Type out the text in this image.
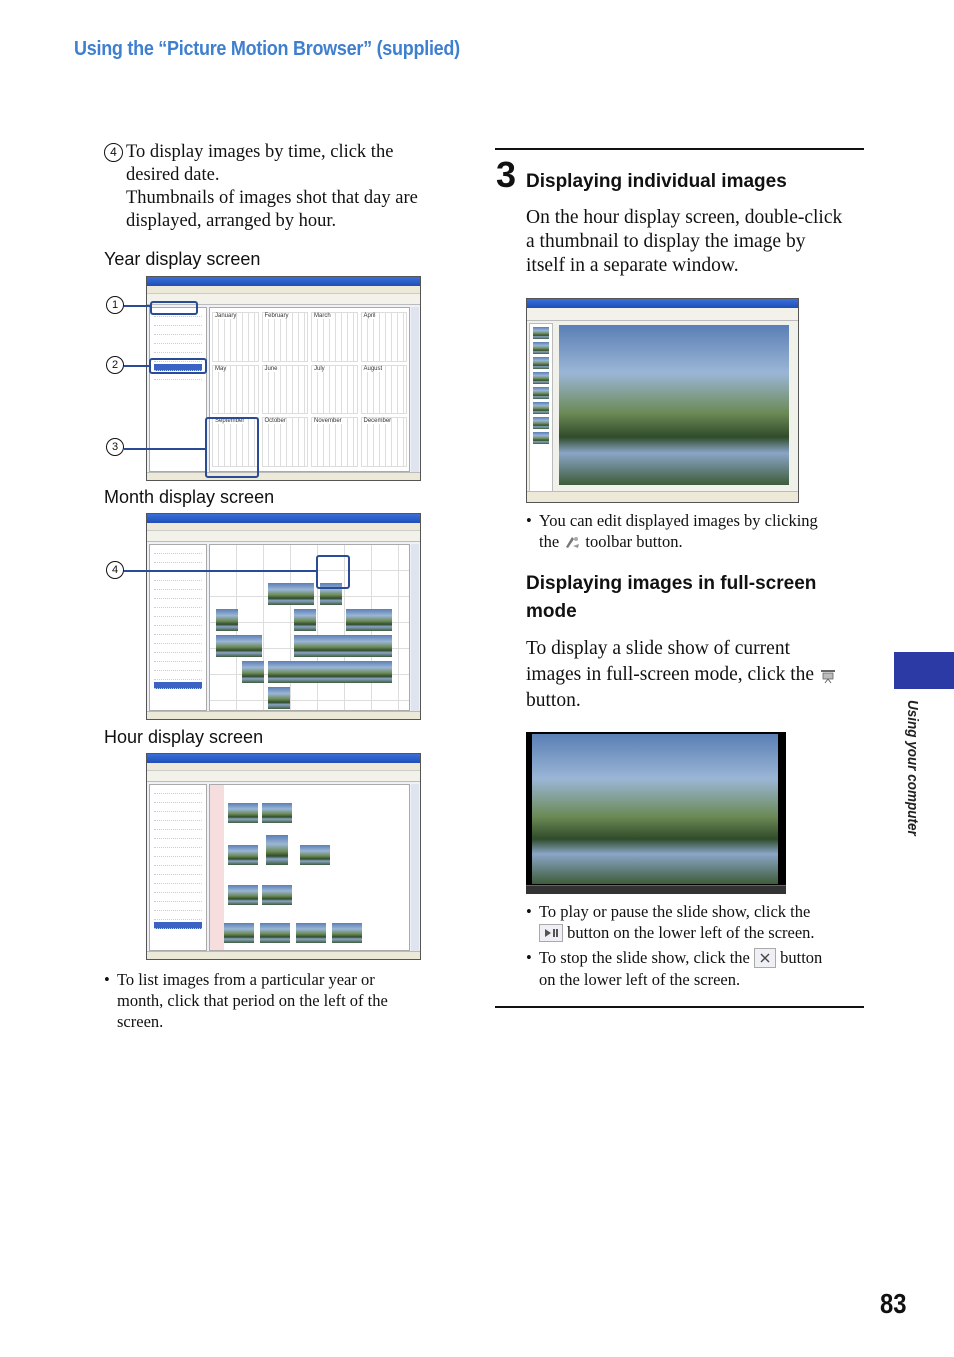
Using the “Picture Motion Browser” (supplied)
4 To display images by time, click the
desired date.
Thumbnails of images shot that day are
displayed, arranged by hour.
Year display screen
January	February	March	April
May	June	July	August
September	October	November	December
1
2
3
Month display screen
4
Hour display screen
• To list images from a particular year or
month, click that period on the left of the
screen.
3 Displaying individual images
On the hour display screen, double-click
a thumbnail to display the image by
itself in a separate window.
• You can edit displayed images by clicking
the toolbar button.
Displaying images in full-screen
mode
To display a slide show of current
images in full-screen mode, click the
button.
• To play or pause the slide show, click the
button on the lower left of the screen.
• To stop the slide show, click the button
on the lower left of the screen.
Using your computer
83
